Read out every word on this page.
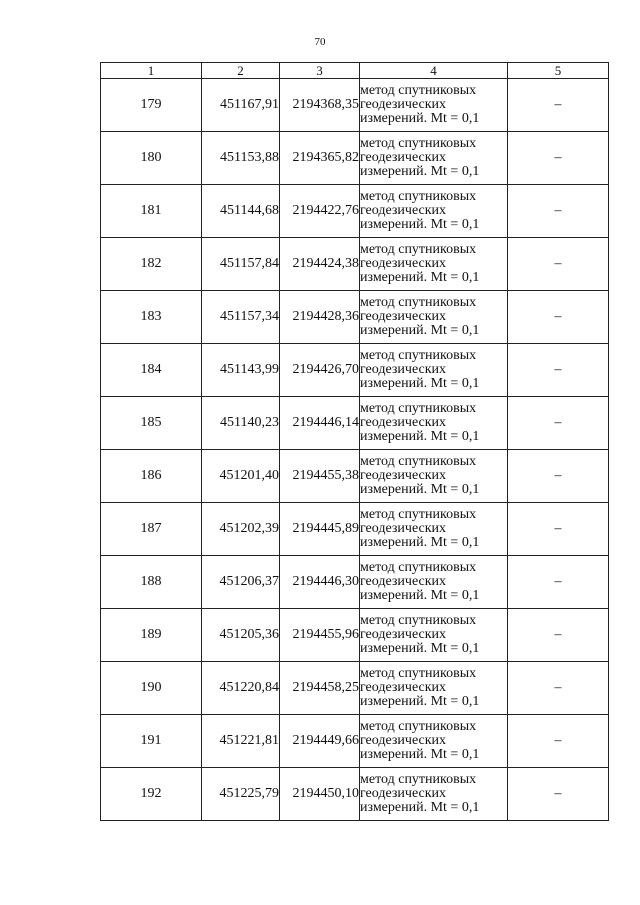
70
1	2	3	4	5
179	451167,91	2194368,35	метод спутниковых
геодезических
измерений. Mt = 0,1	–
180	451153,88	2194365,82	метод спутниковых
геодезических
измерений. Mt = 0,1	–
181	451144,68	2194422,76	метод спутниковых
геодезических
измерений. Mt = 0,1	–
182	451157,84	2194424,38	метод спутниковых
геодезических
измерений. Mt = 0,1	–
183	451157,34	2194428,36	метод спутниковых
геодезических
измерений. Mt = 0,1	–
184	451143,99	2194426,70	метод спутниковых
геодезических
измерений. Mt = 0,1	–
185	451140,23	2194446,14	метод спутниковых
геодезических
измерений. Mt = 0,1	–
186	451201,40	2194455,38	метод спутниковых
геодезических
измерений. Mt = 0,1	–
187	451202,39	2194445,89	метод спутниковых
геодезических
измерений. Mt = 0,1	–
188	451206,37	2194446,30	метод спутниковых
геодезических
измерений. Mt = 0,1	–
189	451205,36	2194455,96	метод спутниковых
геодезических
измерений. Mt = 0,1	–
190	451220,84	2194458,25	метод спутниковых
геодезических
измерений. Mt = 0,1	–
191	451221,81	2194449,66	метод спутниковых
геодезических
измерений. Mt = 0,1	–
192	451225,79	2194450,10	метод спутниковых
геодезических
измерений. Mt = 0,1	–
